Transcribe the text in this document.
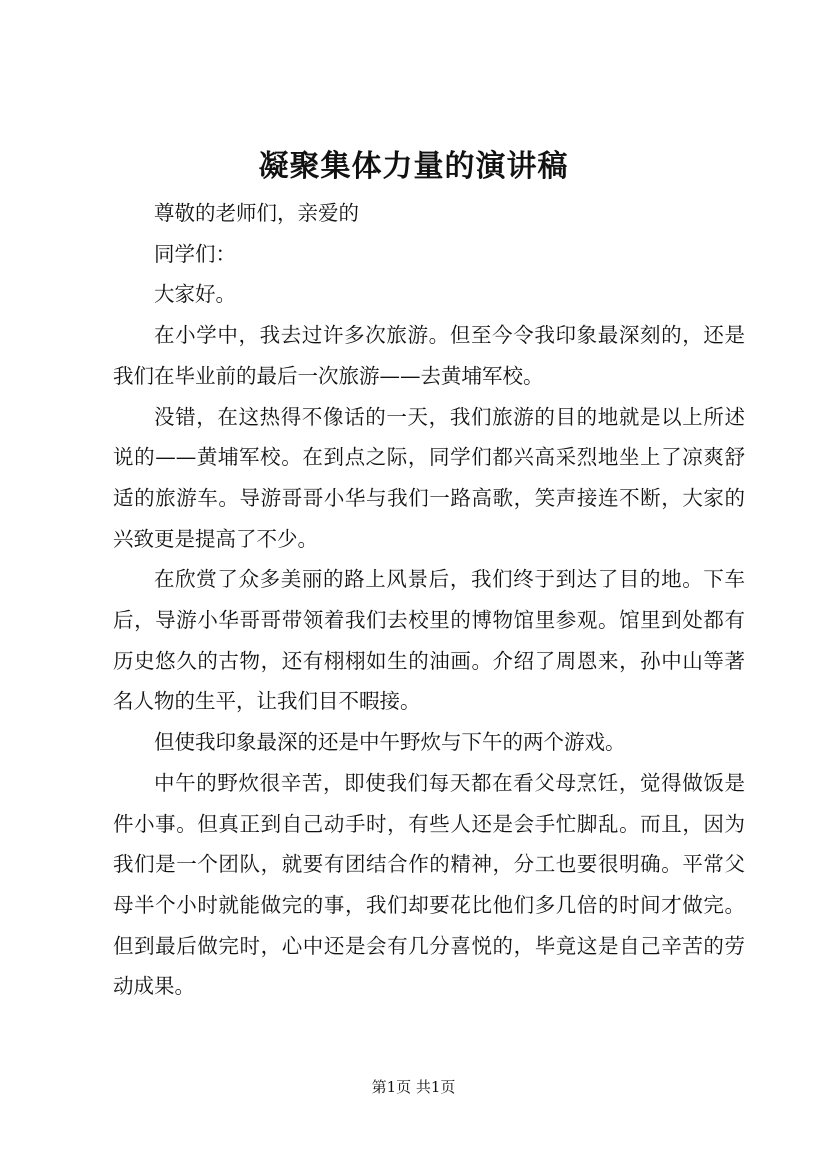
凝聚集体力量的演讲稿

尊敬的老师们，亲爱的

同学们：

大家好。

在小学中，我去过许多次旅游。但至今令我印象最深刻的，还是我们在毕业前的最后一次旅游——去黄埔军校。

没错，在这热得不像话的一天，我们旅游的目的地就是以上所述说的——黄埔军校。在到点之际，同学们都兴高采烈地坐上了凉爽舒适的旅游车。导游哥哥小华与我们一路高歌，笑声接连不断，大家的兴致更是提高了不少。

在欣赏了众多美丽的路上风景后，我们终于到达了目的地。下车后，导游小华哥哥带领着我们去校里的博物馆里参观。馆里到处都有历史悠久的古物，还有栩栩如生的油画。介绍了周恩来，孙中山等著名人物的生平，让我们目不暇接。

但使我印象最深的还是中午野炊与下午的两个游戏。

中午的野炊很辛苦，即使我们每天都在看父母烹饪，觉得做饭是件小事。但真正到自己动手时，有些人还是会手忙脚乱。而且，因为我们是一个团队，就要有团结合作的精神，分工也要很明确。平常父母半个小时就能做完的事，我们却要花比他们多几倍的时间才做完。但到最后做完时，心中还是会有几分喜悦的，毕竟这是自己辛苦的劳动成果。

第1页 共1页
